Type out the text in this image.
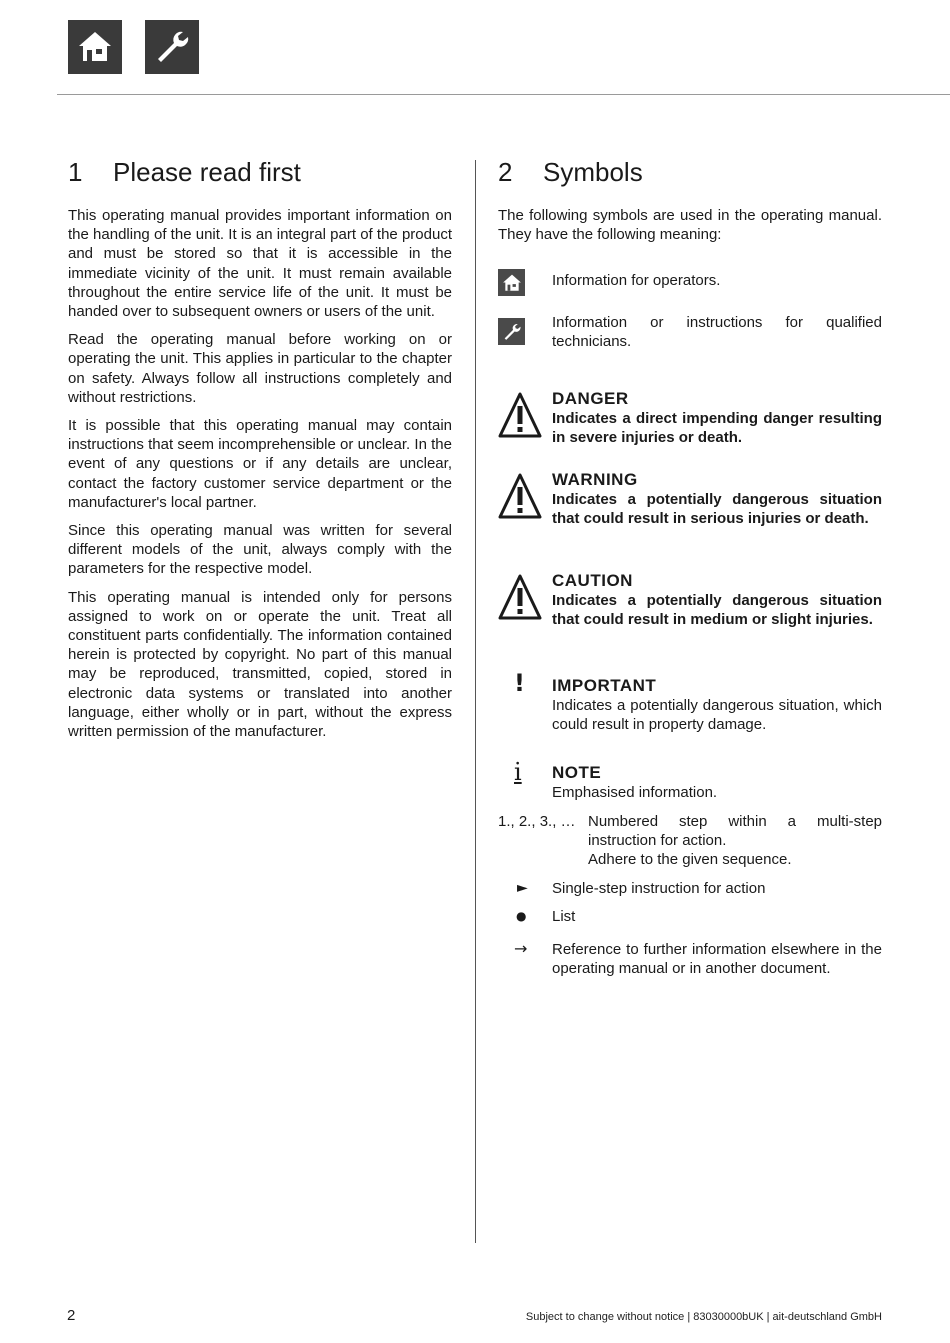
1 Please read first

This operating manual provides important information on the handling of the unit. It is an integral part of the product and must be stored so that it is accessible in the immediate vicinity of the unit. It must remain available throughout the entire service life of the unit. It must be handed over to subsequent owners or users of the unit.

Read the operating manual before working on or operating the unit. This applies in particular to the chapter on safety. Always follow all instructions completely and without restrictions.

It is possible that this operating manual may contain instructions that seem incomprehensible or unclear. In the event of any questions or if any details are unclear, contact the factory customer service department or the manufacturer's local partner.

Since this operating manual was written for several different models of the unit, always comply with the parameters for the respective model.

This operating manual is intended only for persons assigned to work on or operate the unit. Treat all constituent parts confidentially. The information contained herein is protected by copyright. No part of this manual may be reproduced, transmitted, copied, stored in electronic data systems or translated into another language, either wholly or in part, without the express written permission of the manufacturer.

2 Symbols

The following symbols are used in the operating manual. They have the following meaning:

Information for operators.
Information or instructions for qualified technicians.
DANGER
Indicates a direct impending danger resulting in severe injuries or death.
WARNING
Indicates a potentially dangerous situation that could result in serious injuries or death.
CAUTION
Indicates a potentially dangerous situation that could result in medium or slight injuries.
! IMPORTANT
Indicates a potentially dangerous situation, which could result in property damage.
i NOTE
Emphasised information.
1., 2., 3., … Numbered step within a multi-step instruction for action.
Adhere to the given sequence.
► Single-step instruction for action
● List
→ Reference to further information elsewhere in the operating manual or in another document.
2	Subject to change without notice | 83030000bUK | ait-deutschland GmbH
